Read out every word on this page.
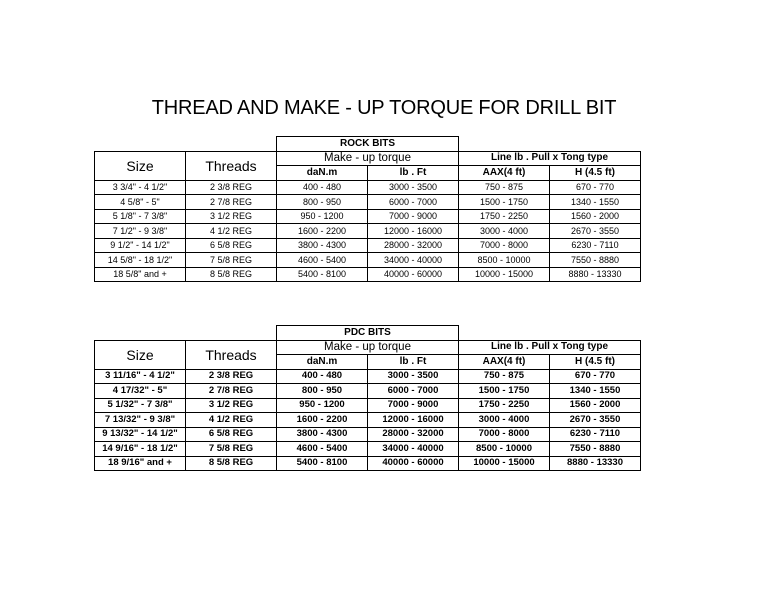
THREAD AND MAKE - UP TORQUE FOR DRILL BIT
		ROCK BITS			
Size	Threads	Make - up torque		Line lb . Pull x Tong type	
		daN.m	lb . Ft	AAX(4 ft)	H (4.5 ft)
3 3/4" - 4 1/2"	2 3/8 REG	400 - 480	3000 - 3500	750 - 875	670 - 770
4 5/8" - 5"	2 7/8 REG	800 - 950	6000 - 7000	1500 - 1750	1340 - 1550
5 1/8" - 7 3/8"	3 1/2 REG	950 - 1200	7000 - 9000	1750 - 2250	1560 - 2000
7 1/2" - 9 3/8"	4 1/2 REG	1600 - 2200	12000 - 16000	3000 - 4000	2670 - 3550
9 1/2" - 14 1/2"	6 5/8 REG	3800 - 4300	28000 - 32000	7000 - 8000	6230 - 7110
14 5/8" - 18 1/2"	7 5/8 REG	4600 - 5400	34000 - 40000	8500 - 10000	7550 - 8880
18 5/8" and +	8 5/8 REG	5400 - 8100	40000 - 60000	10000 - 15000	8880 - 13330
		PDC BITS			
Size	Threads	Make - up torque		Line lb . Pull x Tong type	
		daN.m	lb . Ft	AAX(4 ft)	H (4.5 ft)
3 11/16" - 4 1/2"	2 3/8 REG	400 - 480	3000 - 3500	750 - 875	670 - 770
4 17/32" - 5"	2 7/8 REG	800 - 950	6000 - 7000	1500 - 1750	1340 - 1550
5 1/32" - 7 3/8"	3 1/2 REG	950 - 1200	7000 - 9000	1750 - 2250	1560 - 2000
7 13/32" - 9 3/8"	4 1/2 REG	1600 - 2200	12000 - 16000	3000 - 4000	2670 - 3550
9 13/32" - 14 1/2"	6 5/8 REG	3800 - 4300	28000 - 32000	7000 - 8000	6230 - 7110
14 9/16" - 18 1/2"	7 5/8 REG	4600 - 5400	34000 - 40000	8500 - 10000	7550 - 8880
18 9/16" and +	8 5/8 REG	5400 - 8100	40000 - 60000	10000 - 15000	8880 - 13330
